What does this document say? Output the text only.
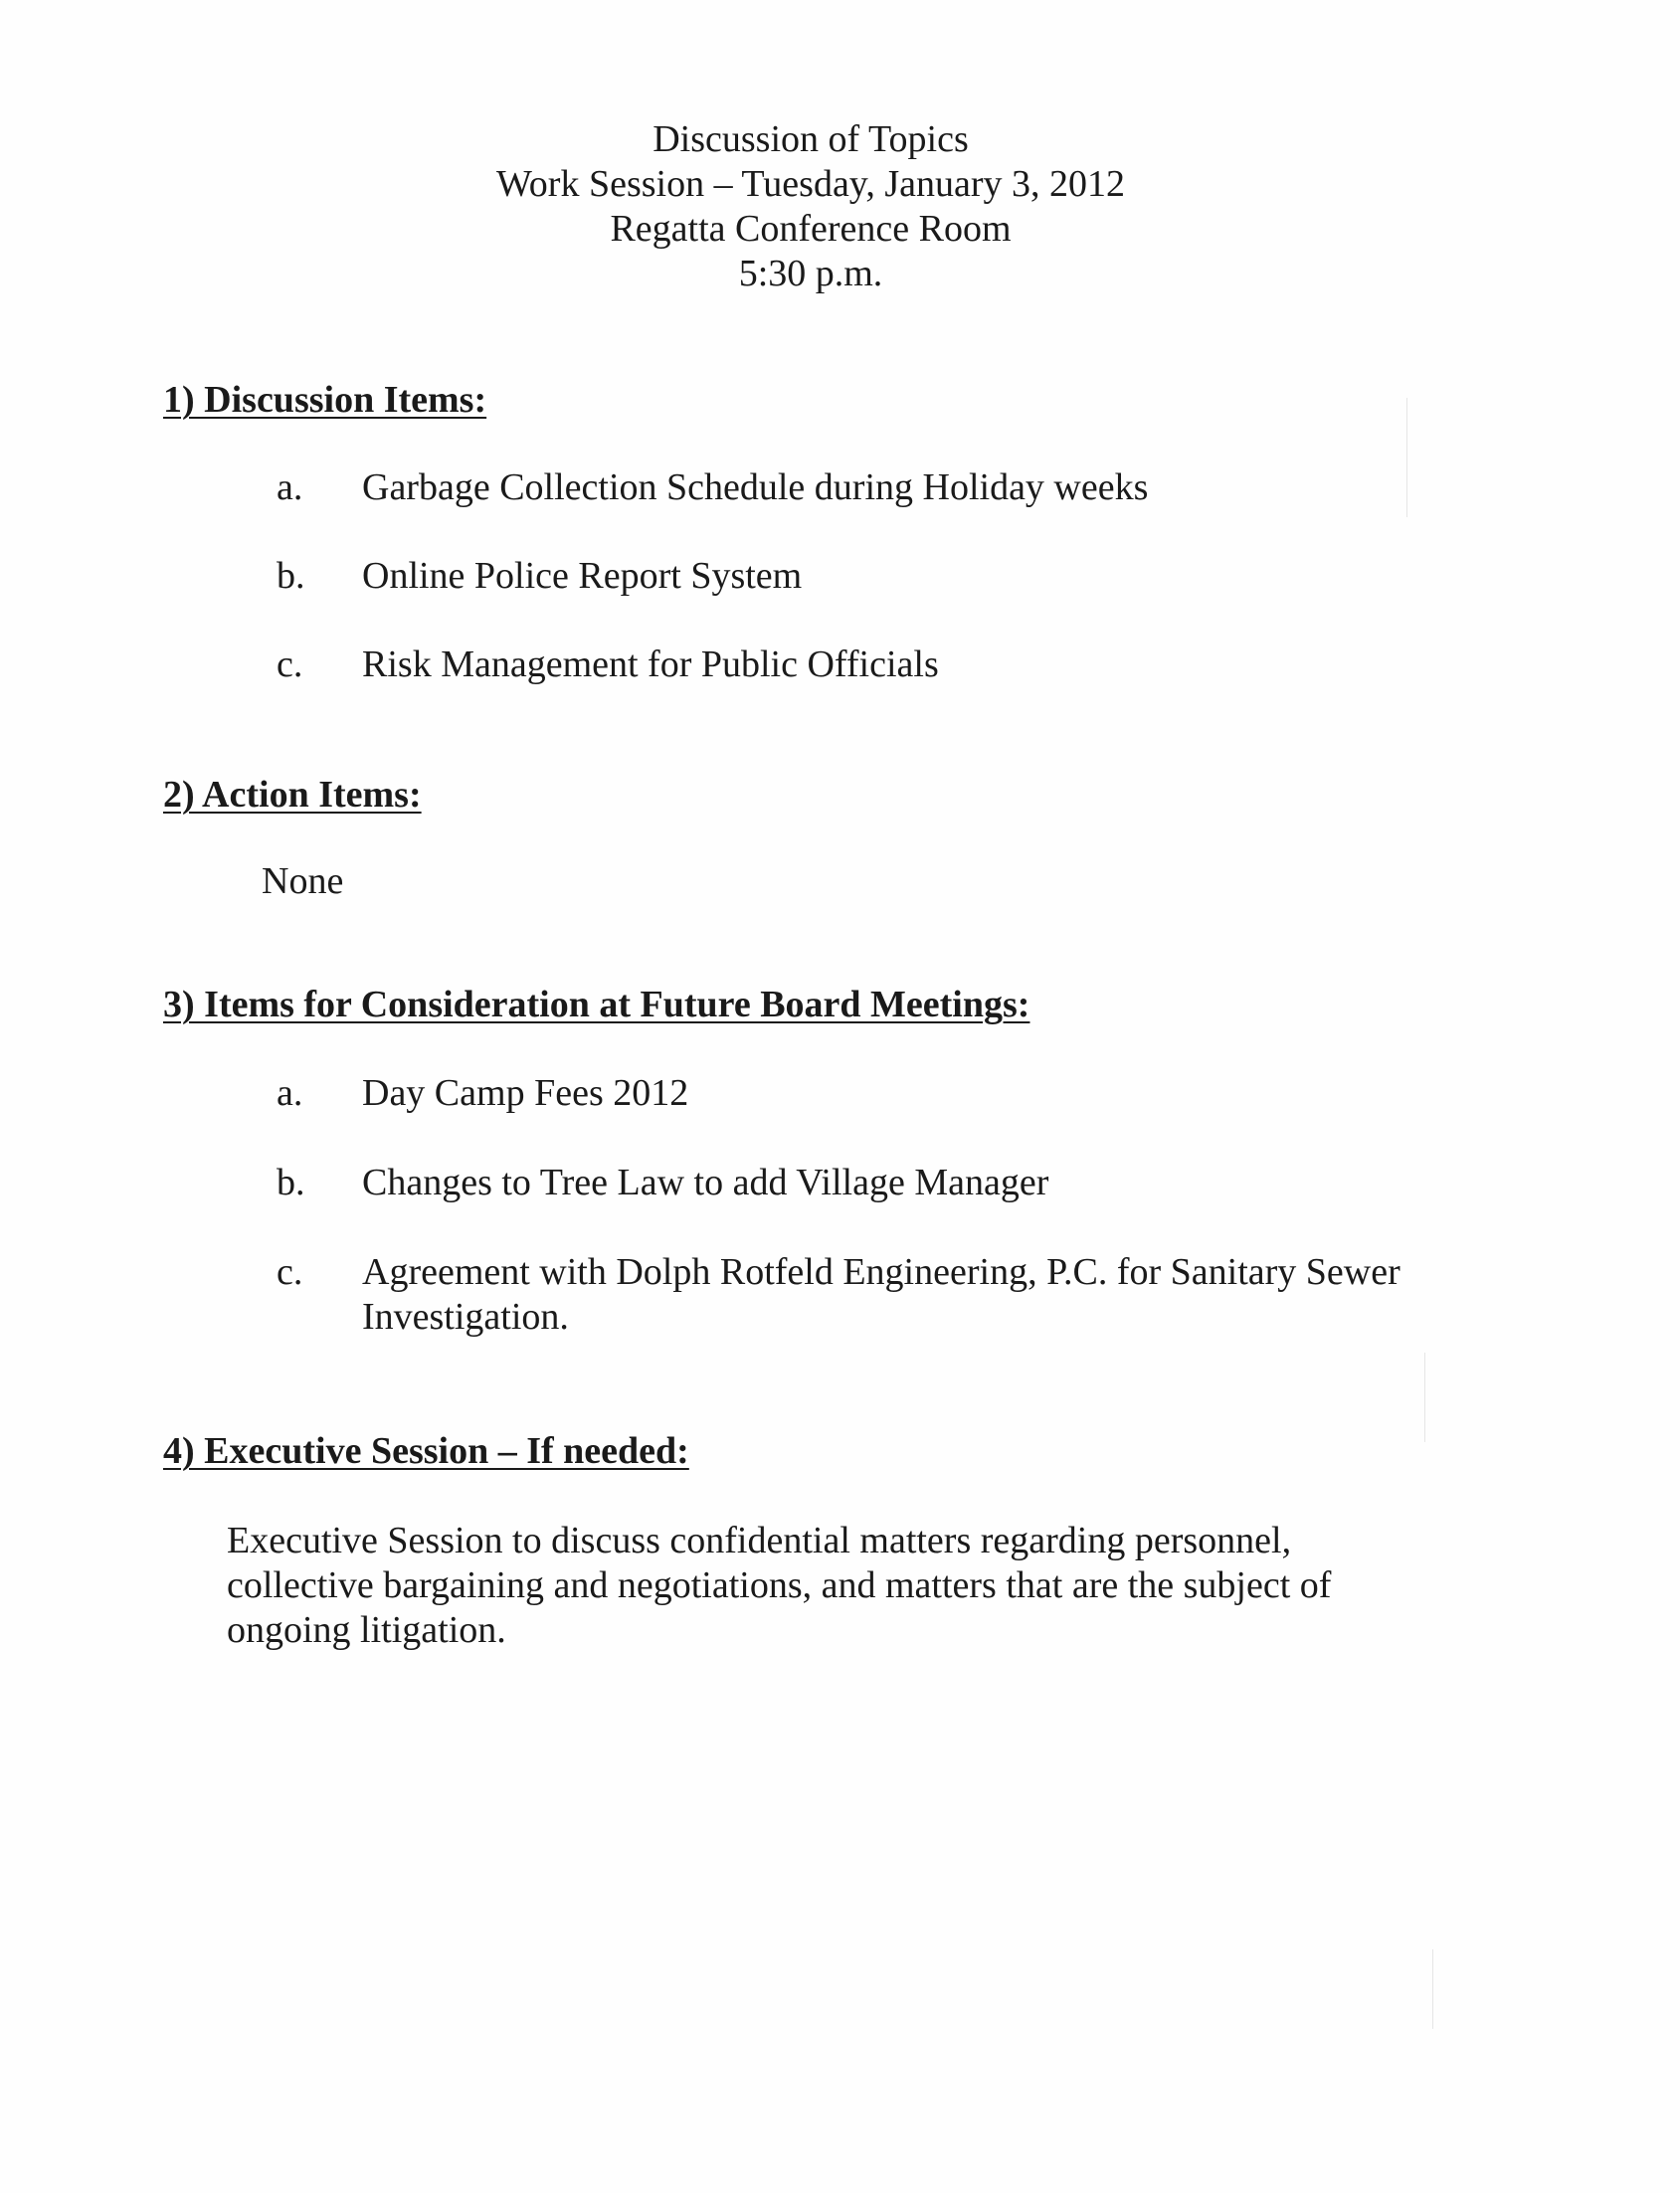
Discussion of Topics
Work Session – Tuesday, January 3, 2012
Regatta Conference Room
5:30 p.m.
1) Discussion Items:
a. Garbage Collection Schedule during Holiday weeks
b. Online Police Report System
c. Risk Management for Public Officials
2) Action Items:
None
3) Items for Consideration at Future Board Meetings:
a. Day Camp Fees 2012
b. Changes to Tree Law to add Village Manager
c. Agreement with Dolph Rotfeld Engineering, P.C. for Sanitary Sewer
Investigation.
4) Executive Session – If needed:
Executive Session to discuss confidential matters regarding personnel,
collective bargaining and negotiations, and matters that are the subject of
ongoing litigation.
